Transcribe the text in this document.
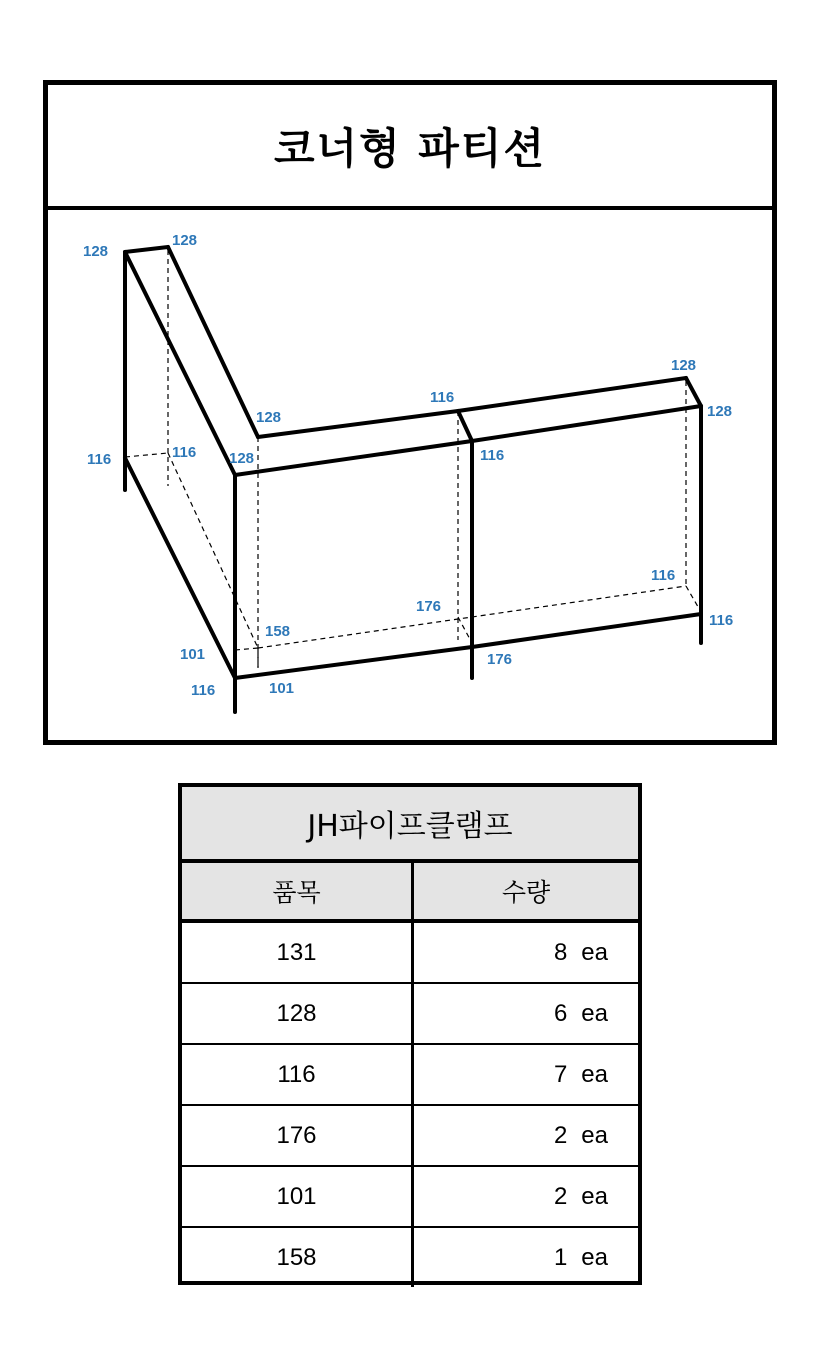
코너형 파티션
128
128
116	116
128
128
116
116
128
128
116
116
101
158
176
116	101
176
JH파이프클램프
품목	수량
131	8 ea
128	6 ea
116	7 ea
176	2 ea
101	2 ea
158	1 ea
